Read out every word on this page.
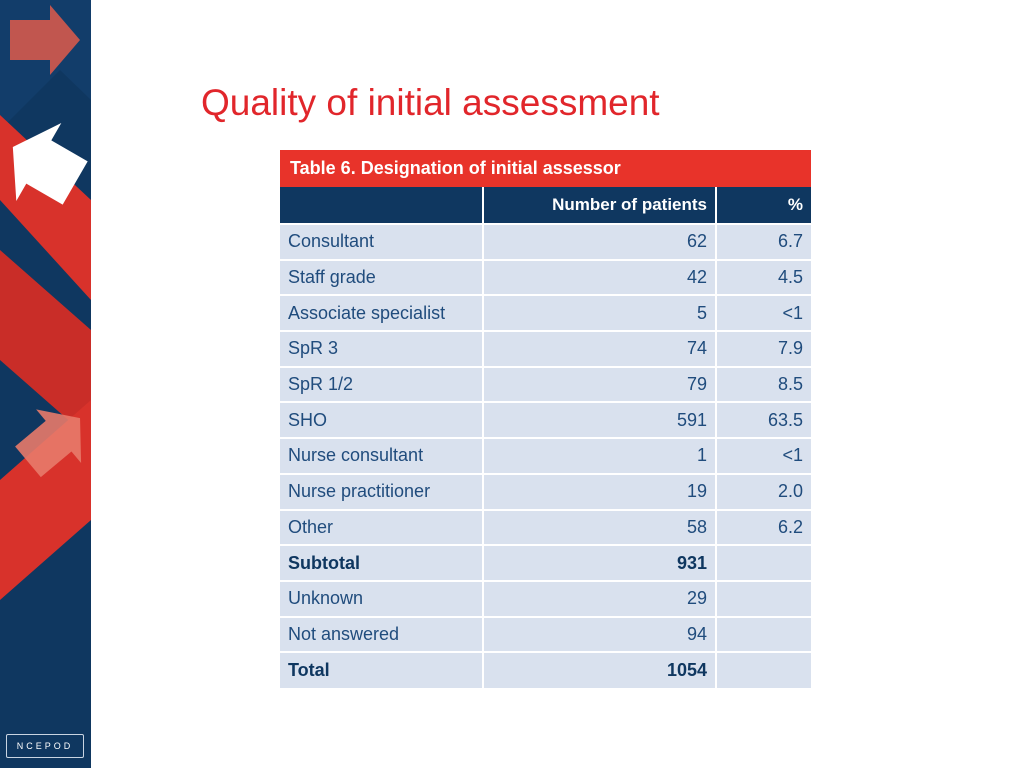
NCEPOD
Quality of initial assessment
Table 6. Designation of initial assessor
	Number of patients	%
Consultant	62	6.7
Staff grade	42	4.5
Associate specialist	5	<1
SpR 3	74	7.9
SpR 1/2	79	8.5
SHO	591	63.5
Nurse consultant	1	<1
Nurse practitioner	19	2.0
Other	58	6.2
Subtotal	931	
Unknown	29	
Not answered	94	
Total	1054	
